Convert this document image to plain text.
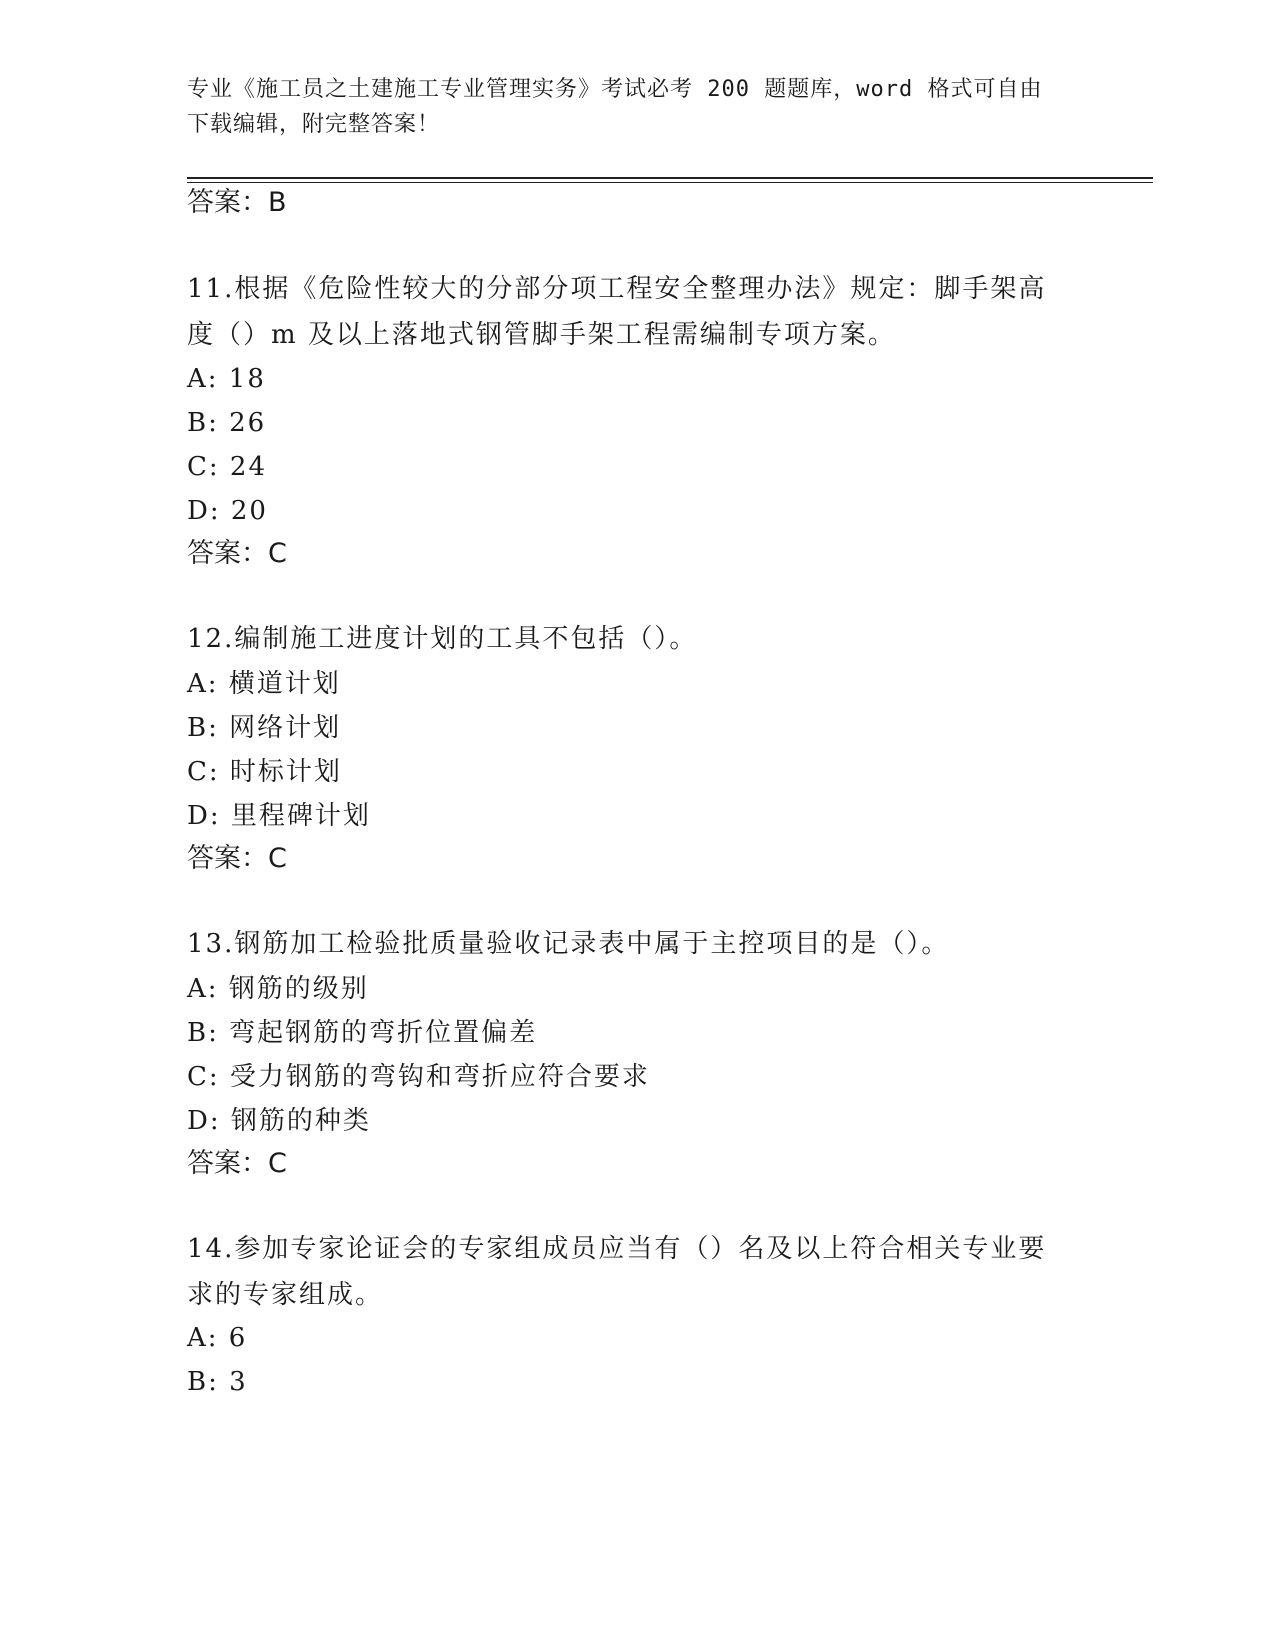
专业《施工员之土建施工专业管理实务》考试必考 200 题题库，word 格式可自由
下载编辑，附完整答案！
答案：B
11.根据《危险性较大的分部分项工程安全整理办法》规定：脚手架高
度（）m 及以上落地式钢管脚手架工程需编制专项方案。
A: 18
B: 26
C: 24
D: 20
答案：C
12.编制施工进度计划的工具不包括（）。
A: 横道计划
B: 网络计划
C: 时标计划
D: 里程碑计划
答案：C
13.钢筋加工检验批质量验收记录表中属于主控项目的是（）。
A: 钢筋的级别
B: 弯起钢筋的弯折位置偏差
C: 受力钢筋的弯钩和弯折应符合要求
D: 钢筋的种类
答案：C
14.参加专家论证会的专家组成员应当有（）名及以上符合相关专业要
求的专家组成。
A: 6
B: 3
